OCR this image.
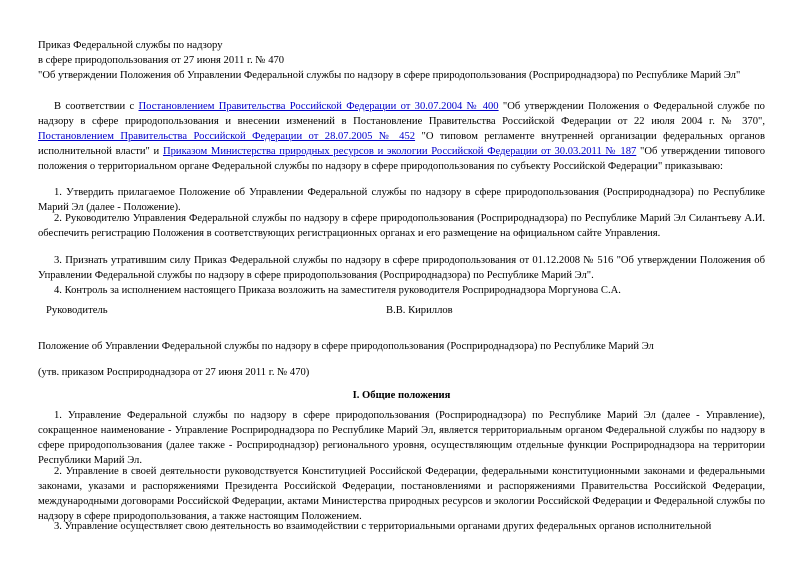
Приказ Федеральной службы по надзору
в сфере природопользования от 27 июня 2011 г. № 470
"Об утверждении Положения об Управлении Федеральной службы по надзору в сфере природопользования (Росприроднадзора) по Республике Марий Эл"
В соответствии с Постановлением Правительства Российской Федерации от 30.07.2004 № 400 "Об утверждении Положения о Федеральной службе по надзору в сфере природопользования и внесении изменений в Постановление Правительства Российской Федерации от 22 июля 2004 г. № 370", Постановлением Правительства Российской Федерации от 28.07.2005 № 452 "О типовом регламенте внутренней организации федеральных органов исполнительной власти" и Приказом Министерства природных ресурсов и экологии Российской Федерации от 30.03.2011 № 187 "Об утверждении типового положения о территориальном органе Федеральной службы по надзору в сфере природопользования по субъекту Российской Федерации" приказываю:
1. Утвердить прилагаемое Положение об Управлении Федеральной службы по надзору в сфере природопользования (Росприроднадзора) по Республике Марий Эл (далее - Положение).
2. Руководителю Управления Федеральной службы по надзору в сфере природопользования (Росприроднадзора) по Республике Марий Эл Силантьеву А.И. обеспечить регистрацию Положения в соответствующих регистрационных органах и его размещение на официальном сайте Управления.
3. Признать утратившим силу Приказ Федеральной службы по надзору в сфере природопользования от 01.12.2008 № 516 "Об утверждении Положения об Управлении Федеральной службы по надзору в сфере природопользования (Росприроднадзора) по Республике Марий Эл".
4. Контроль за исполнением настоящего Приказа возложить на заместителя руководителя Росприроднадзора Моргунова С.А.
Руководитель	В.В. Кириллов
Положение об Управлении Федеральной службы по надзору в сфере природопользования (Росприроднадзора) по Республике Марий Эл
(утв. приказом Росприроднадзора от 27 июня 2011 г. № 470)
I. Общие положения
1. Управление Федеральной службы по надзору в сфере природопользования (Росприроднадзора) по Республике Марий Эл (далее - Управление), сокращенное наименование - Управление Росприроднадзора по Республике Марий Эл, является территориальным органом Федеральной службы по надзору в сфере природопользования (далее также - Росприроднадзор) регионального уровня, осуществляющим отдельные функции Росприроднадзора на территории Республики Марий Эл.
2. Управление в своей деятельности руководствуется Конституцией Российской Федерации, федеральными конституционными законами и федеральными законами, указами и распоряжениями Президента Российской Федерации, постановлениями и распоряжениями Правительства Российской Федерации, международными договорами Российской Федерации, актами Министерства природных ресурсов и экологии Российской Федерации и Федеральной службы по надзору в сфере природопользования, а также настоящим Положением.
3. Управление осуществляет свою деятельность во взаимодействии с территориальными органами других федеральных органов исполнительной
